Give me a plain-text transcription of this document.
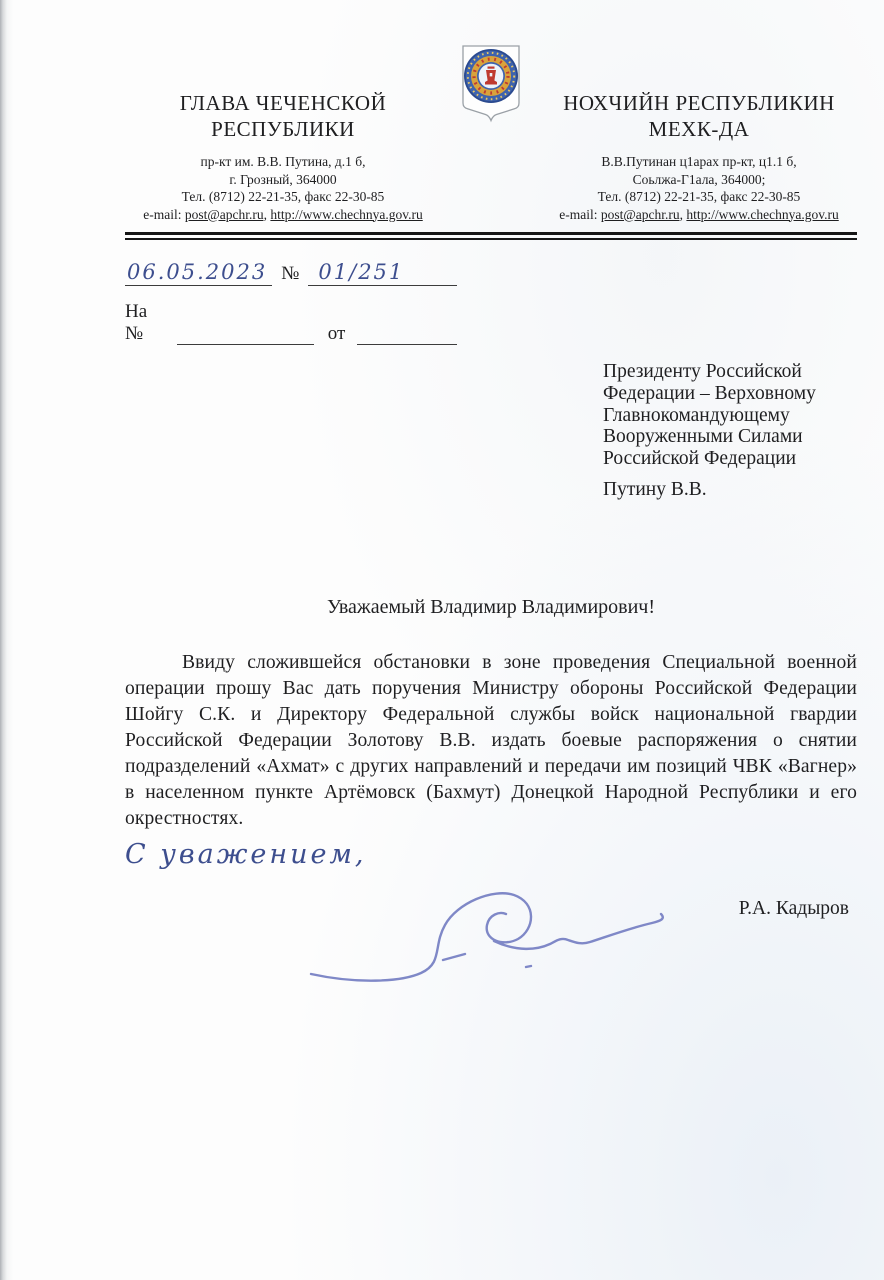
ГЛАВА ЧЕЧЕНСКОЙ
РЕСПУБЛИКИ
пр-кт им. В.В. Путина, д.1 б,
г. Грозный, 364000
Тел. (8712) 22-21-35, факс 22-30-85
e-mail: post@apchr.ru, http://www.chechnya.gov.ru
НОХЧИЙН РЕСПУБЛИКИН
МЕХК-ДА
В.В.Путинан ц1арах пр-кт, ц1.1 б,
Соьлжа-Г1ала, 364000;
Тел. (8712) 22-21-35, факс 22-30-85
e-mail: post@apchr.ru, http://www.chechnya.gov.ru
06.05.2023 № 01/251
На №	от
Президенту Российской
Федерации – Верховному
Главнокомандующему
Вооруженными Силами
Российской Федерации
Путину В.В.
Уважаемый Владимир Владимирович!
Ввиду сложившейся обстановки в зоне проведения Специальной военной операции прошу Вас дать поручения Министру обороны Российской Федерации Шойгу С.К. и Директору Федеральной службы войск национальной гвардии Российской Федерации Золотову В.В. издать боевые распоряжения о снятии подразделений «Ахмат» с других направлений и передачи им позиций ЧВК «Вагнер» в населенном пункте Артёмовск (Бахмут) Донецкой Народной Республики и его окрестностях.
С уважением,
Р.А. Кадыров
